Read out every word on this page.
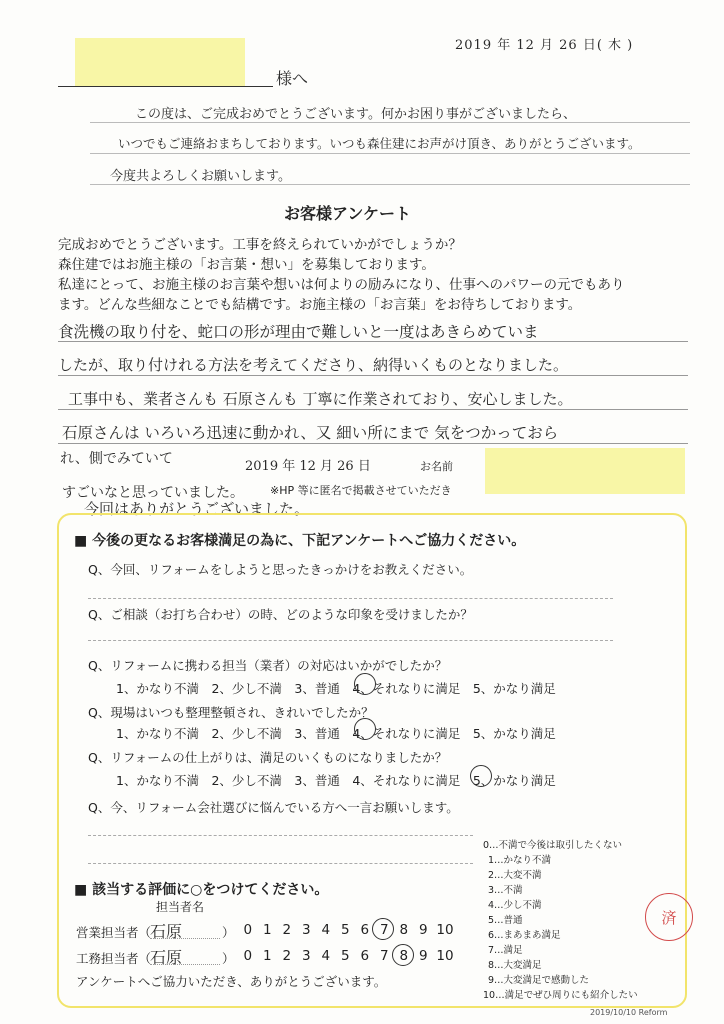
2019 年 12 月 26 日( 木 )
様へ
この度は、ご完成おめでとうございます。何かお困り事がございましたら、
いつでもご連絡おまちしております。いつも森住建にお声がけ頂き、ありがとうございます。
今度共よろしくお願いします。
お客様アンケート
完成おめでとうございます。工事を終えられていかがでしょうか？
森住建ではお施主様の「お言葉・想い」を募集しております。
私達にとって、お施主様のお言葉や想いは何よりの励みになり、仕事へのパワーの元でもあり
ます。どんな些細なことでも結構です。お施主様の「お言葉」をお待ちしております。
食洗機の取り付を、蛇口の形が理由で難しいと一度はあきらめていま
したが、取り付けれる方法を考えてくださり、納得いくものとなりました。
工事中も、業者さんも 石原さんも 丁寧に作業されており、安心しました。
石原さんは いろいろ迅速に動かれ、又 細い所にまで 気をつかっておら
れ、側でみていて
すごいなと思っていました。
今回はありがとうございました。
2019 年 12 月 26 日	お名前
※HP 等に匿名で掲載させていただき
■ 今後の更なるお客様満足の為に、下記アンケートへご協力ください。
Q、今回、リフォームをしようと思ったきっかけをお教えください。
Q、ご相談（お打ち合わせ）の時、どのような印象を受けましたか？
Q、リフォームに携わる担当（業者）の対応はいかがでしたか？
1、かなり不満　2、少し不満　3、普通　4、それなりに満足　5、かなり満足
Q、現場はいつも整理整頓され、きれいでしたか？
1、かなり不満　2、少し不満　3、普通　4、それなりに満足　5、かなり満足
Q、リフォームの仕上がりは、満足のいくものになりましたか？
1、かなり不満　2、少し不満　3、普通　4、それなりに満足　5、かなり満足
Q、今、リフォーム会社選びに悩んでいる方へ一言お願いします。
0…不満で今後は取引したくない
1…かなり不満
2…大変不満
3…不満
4…少し不満
5…普通
6…まあまあ満足
7…満足
8…大変満足
9…大変満足で感動した
10…満足でぜひ周りにも紹介したい
■ 該当する評価に○をつけてください。
担当者名
営業担当者（
石原	） 0 1 2 3 4 5 6 7 8 9 10
工務担当者（
石原	） 0 1 2 3 4 5 6 7 8 9 10
アンケートへご協力いただき、ありがとうございます。
済
2019/10/10 Reform
